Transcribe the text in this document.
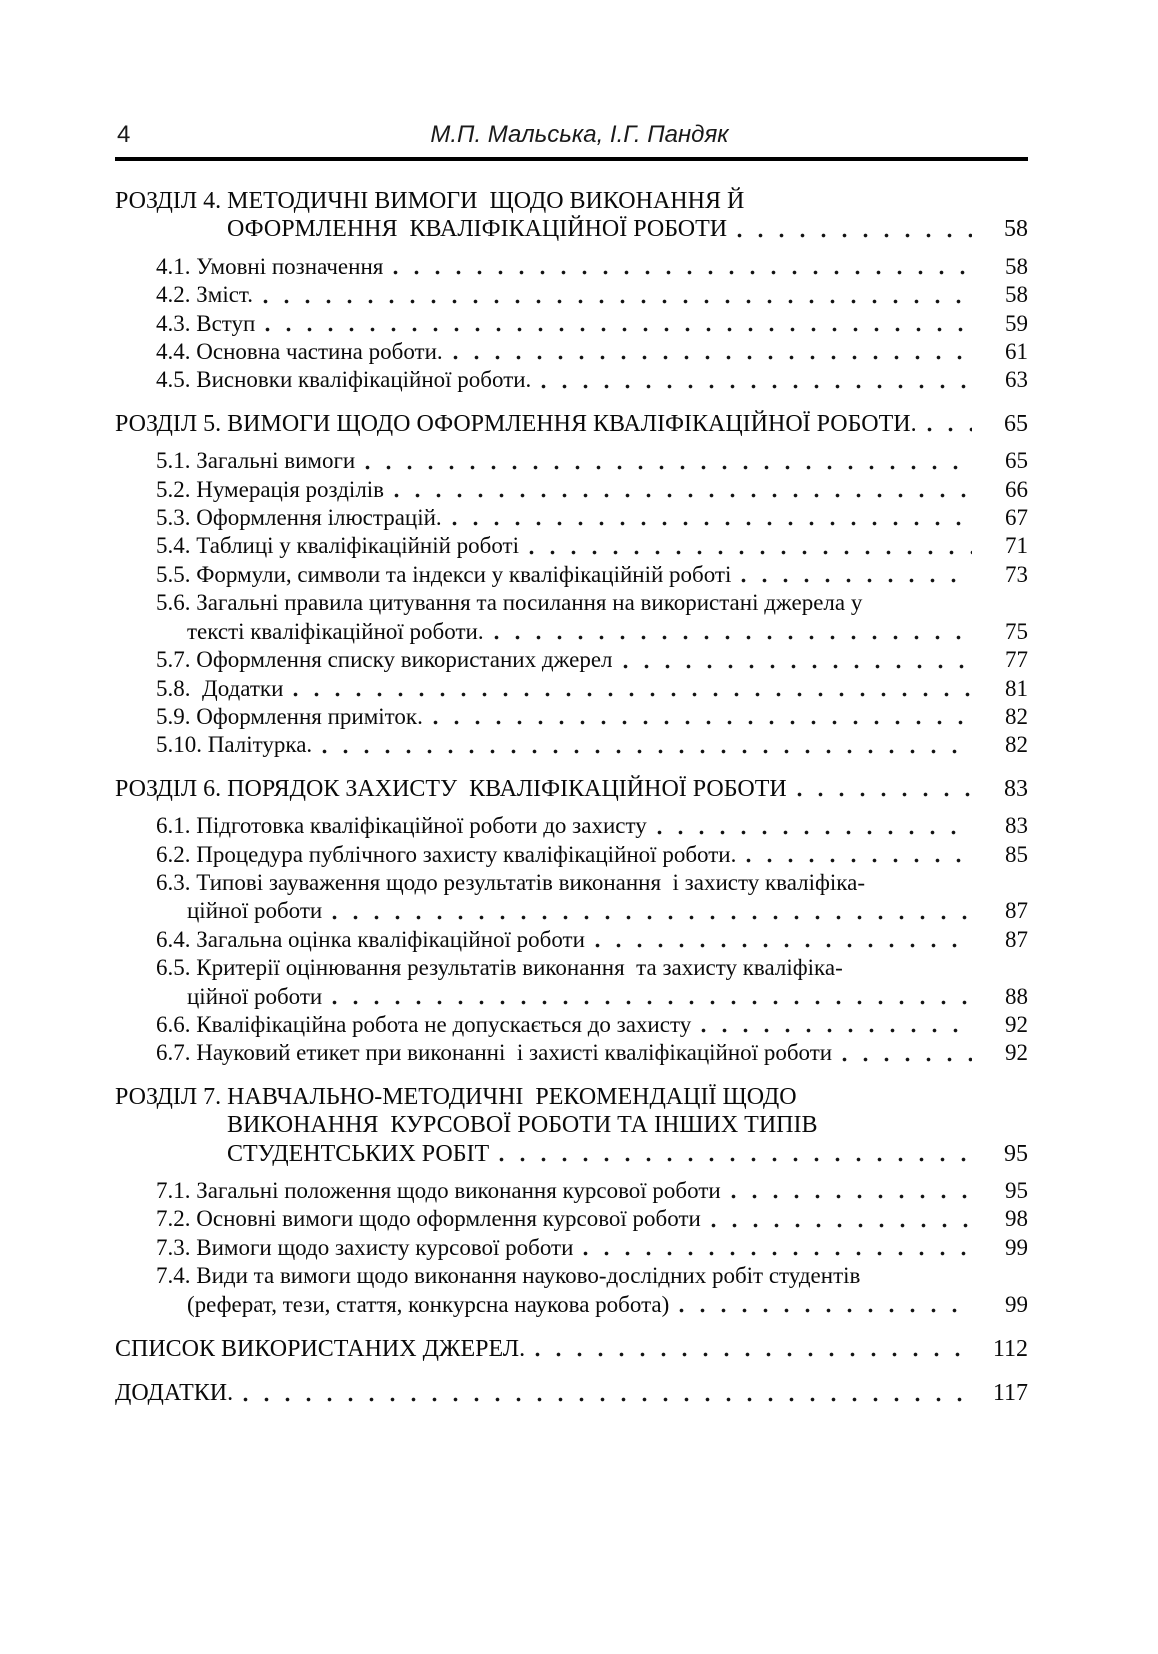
4	М.П. Мальська, І.Г. Пандяк
РОЗДІЛ 4. МЕТОДИЧНІ ВИМОГИ  ЩОДО ВИКОНАННЯ Й
ОФОРМЛЕННЯ  КВАЛІФІКАЦІЙНОЇ РОБОТИ	58
4.1. Умовні позначення	58
4.2. Зміст.	58
4.3. Вступ	59
4.4. Основна частина роботи.	61
4.5. Висновки кваліфікаційної роботи.	63
РОЗДІЛ 5. ВИМОГИ ЩОДО ОФОРМЛЕННЯ КВАЛІФІКАЦІЙНОЇ РОБОТИ.	65
5.1. Загальні вимоги	65
5.2. Нумерація розділів	66
5.3. Оформлення ілюстрацій.	67
5.4. Таблиці у кваліфікаційній роботі	71
5.5. Формули, символи та індекси у кваліфікаційній роботі	73
5.6. Загальні правила цитування та посилання на використані джерела у
тексті кваліфікаційної роботи.	75
5.7. Оформлення списку використаних джерел	77
5.8.  Додатки	81
5.9. Оформлення приміток.	82
5.10. Палітурка.	82
РОЗДІЛ 6. ПОРЯДОК ЗАХИСТУ  КВАЛІФІКАЦІЙНОЇ РОБОТИ	83
6.1. Підготовка кваліфікаційної роботи до захисту	83
6.2. Процедура публічного захисту кваліфікаційної роботи.	85
6.3. Типові зауваження щодо результатів виконання  і захисту кваліфіка-
ційної роботи	87
6.4. Загальна оцінка кваліфікаційної роботи	87
6.5. Критерії оцінювання результатів виконання  та захисту кваліфіка-
ційної роботи	88
6.6. Кваліфікаційна робота не допускається до захисту	92
6.7. Науковий етикет при виконанні  і захисті кваліфікаційної роботи	92
РОЗДІЛ 7. НАВЧАЛЬНО-МЕТОДИЧНІ  РЕКОМЕНДАЦІЇ ЩОДО
ВИКОНАННЯ  КУРСОВОЇ РОБОТИ ТА ІНШИХ ТИПІВ
СТУДЕНТСЬКИХ РОБІТ	95
7.1. Загальні положення щодо виконання курсової роботи	95
7.2. Основні вимоги щодо оформлення курсової роботи	98
7.3. Вимоги щодо захисту курсової роботи	99
7.4. Види та вимоги щодо виконання науково-дослідних робіт студентів
(реферат, тези, стаття, конкурсна наукова робота)	99
СПИСОК ВИКОРИСТАНИХ ДЖЕРЕЛ.	112
ДОДАТКИ.	117
